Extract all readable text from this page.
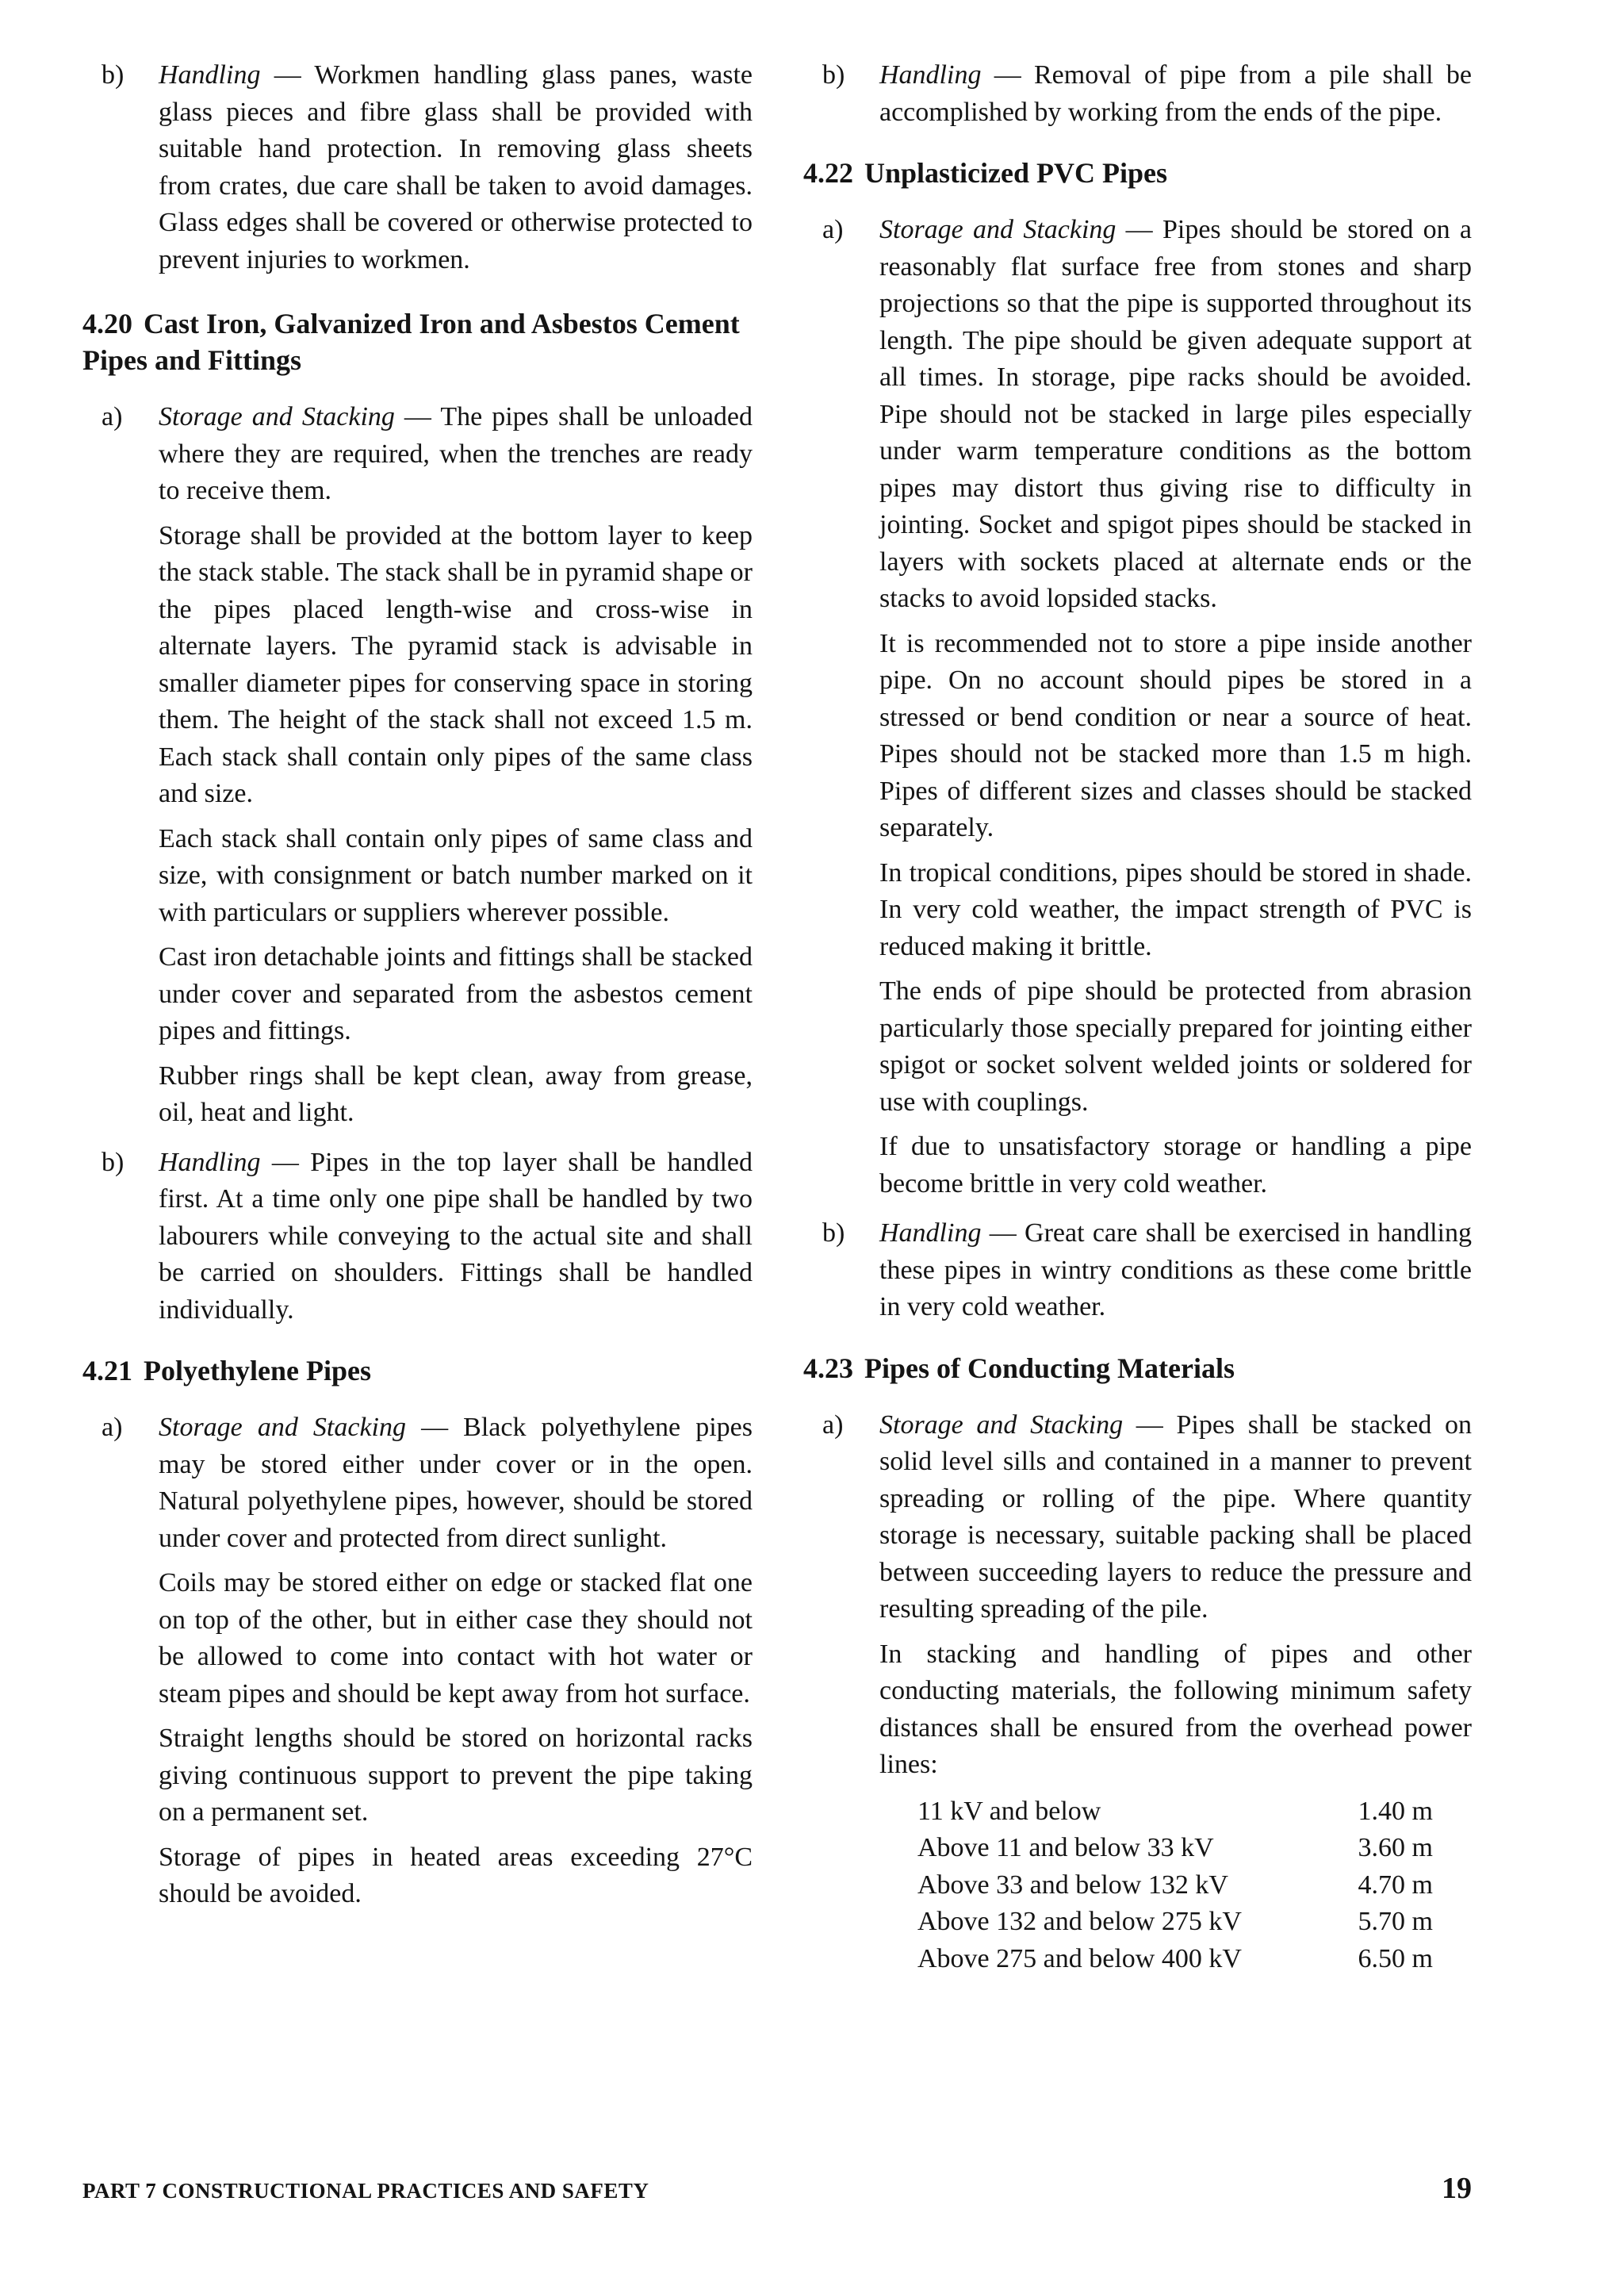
b)	Handling — Workmen handling glass panes, waste glass pieces and fibre glass shall be provided with suitable hand protection. In removing glass sheets from crates, due care shall be taken to avoid damages. Glass edges shall be covered or otherwise protected to prevent injuries to workmen.

4.20 Cast Iron, Galvanized Iron and Asbestos Cement Pipes and Fittings
a)	Storage and Stacking — The pipes shall be unloaded where they are required, when the trenches are ready to receive them.

Storage shall be provided at the bottom layer to keep the stack stable. The stack shall be in pyramid shape or the pipes placed length-wise and cross-wise in alternate layers. The pyramid stack is advisable in smaller diameter pipes for conserving space in storing them. The height of the stack shall not exceed 1.5 m. Each stack shall contain only pipes of the same class and size.

Each stack shall contain only pipes of same class and size, with consignment or batch number marked on it with particulars or suppliers wherever possible.

Cast iron detachable joints and fittings shall be stacked under cover and separated from the asbestos cement pipes and fittings.

Rubber rings shall be kept clean, away from grease, oil, heat and light.

b)	Handling — Pipes in the top layer shall be handled first. At a time only one pipe shall be handled by two labourers while conveying to the actual site and shall be carried on shoulders. Fittings shall be handled individually.

4.21 Polyethylene Pipes
a)	Storage and Stacking — Black polyethylene pipes may be stored either under cover or in the open. Natural polyethylene pipes, however, should be stored under cover and protected from direct sunlight.

Coils may be stored either on edge or stacked flat one on top of the other, but in either case they should not be allowed to come into contact with hot water or steam pipes and should be kept away from hot surface.

Straight lengths should be stored on horizontal racks giving continuous support to prevent the pipe taking on a permanent set.

Storage of pipes in heated areas exceeding 27°C should be avoided.

b)	Handling — Removal of pipe from a pile shall be accomplished by working from the ends of the pipe.

4.22 Unplasticized PVC Pipes
a)	Storage and Stacking — Pipes should be stored on a reasonably flat surface free from stones and sharp projections so that the pipe is supported throughout its length. The pipe should be given adequate support at all times. In storage, pipe racks should be avoided. Pipe should not be stacked in large piles especially under warm temperature conditions as the bottom pipes may distort thus giving rise to difficulty in jointing. Socket and spigot pipes should be stacked in layers with sockets placed at alternate ends or the stacks to avoid lopsided stacks.

It is recommended not to store a pipe inside another pipe. On no account should pipes be stored in a stressed or bend condition or near a source of heat. Pipes should not be stacked more than 1.5 m high. Pipes of different sizes and classes should be stacked separately.

In tropical conditions, pipes should be stored in shade. In very cold weather, the impact strength of PVC is reduced making it brittle.

The ends of pipe should be protected from abrasion particularly those specially prepared for jointing either spigot or socket solvent welded joints or soldered for use with couplings.

If due to unsatisfactory storage or handling a pipe become brittle in very cold weather.

b)	Handling — Great care shall be exercised in handling these pipes in wintry conditions as these come brittle in very cold weather.

4.23 Pipes of Conducting Materials
a)	Storage and Stacking — Pipes shall be stacked on solid level sills and contained in a manner to prevent spreading or rolling of the pipe. Where quantity storage is necessary, suitable packing shall be placed between succeeding layers to reduce the pressure and resulting spreading of the pile.

In stacking and handling of pipes and other conducting materials, the following minimum safety distances shall be ensured from the overhead power lines:

11 kV and below	1.40 m
Above 11 and below 33 kV	3.60 m
Above 33 and below 132 kV	4.70 m
Above 132 and below 275 kV	5.70 m
Above 275 and below 400 kV	6.50 m
PART 7 CONSTRUCTIONAL PRACTICES AND SAFETY	19
